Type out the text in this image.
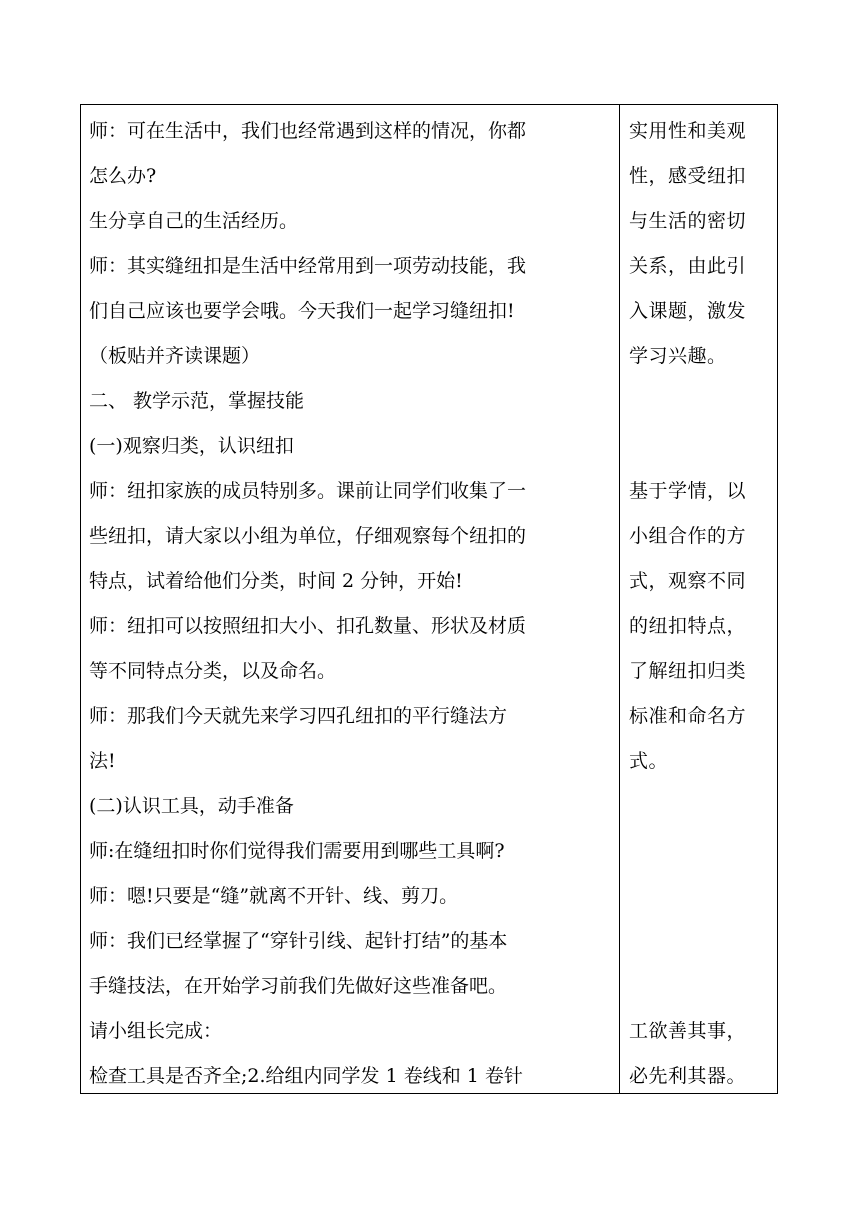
师：可在生活中，我们也经常遇到这样的情况，你都
怎么办?
生分享自己的生活经历。
师：其实缝纽扣是生活中经常用到一项劳动技能，我
们自己应该也要学会哦。今天我们一起学习缝纽扣!
（板贴并齐读课题）
二、 教学示范，掌握技能
(一)观察归类，认识纽扣
师：纽扣家族的成员特别多。课前让同学们收集了一
些纽扣，请大家以小组为单位，仔细观察每个纽扣的
特点，试着给他们分类，时间 2 分钟，开始!
师：纽扣可以按照纽扣大小、扣孔数量、形状及材质
等不同特点分类，以及命名。
师：那我们今天就先来学习四孔纽扣的平行缝法方
法!
(二)认识工具，动手准备
师:在缝纽扣时你们觉得我们需要用到哪些工具啊?
师：嗯!只要是“缝”就离不开针、线、剪刀。
师：我们已经掌握了“穿针引线、起针打结”的基本
手缝技法，在开始学习前我们先做好这些准备吧。
请小组长完成：
检查工具是否齐全;2.给组内同学发 1 卷线和 1 卷针
实用性和美观
性，感受纽扣
与生活的密切
关系，由此引
入课题，激发
学习兴趣。
基于学情，以
小组合作的方
式，观察不同
的纽扣特点，
了解纽扣归类
标准和命名方
式。
工欲善其事，
必先利其器。
